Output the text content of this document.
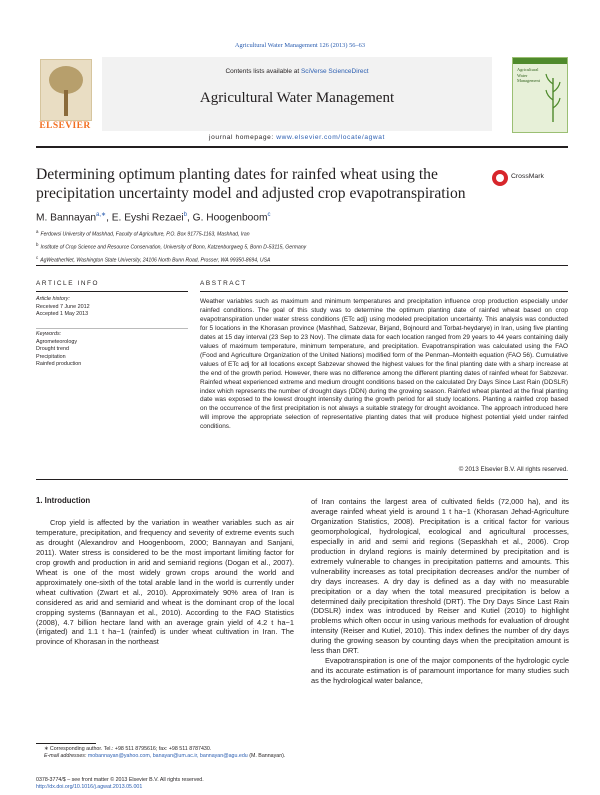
Agricultural Water Management 126 (2013) 56–63
ELSEVIER
Contents lists available at SciVerse ScienceDirect
Agricultural Water Management
journal homepage: www.elsevier.com/locate/agwat
Agricultural Water Management
Determining optimum planting dates for rainfed wheat using the precipitation uncertainty model and adjusted crop evapotranspiration
CrossMark
M. Bannayan$^{a,∗}$, E. Eyshi Rezaei$^b$, G. Hoogenboom$^c$
aFerdowsi University of Mashhad, Faculty of Agriculture, P.O. Box 91775-1163, Mashhad, Iran
bInstitute of Crop Science and Resource Conservation, University of Bonn, Katzenburgweg 5, Bonn D-53115, Germany
cAgWeatherNet, Washington State University, 24106 North Bunn Road, Prosser, WA 99350-8694, USA
ARTICLE INFO	ABSTRACT
Article history:
Received 7 June 2012
Accepted 1 May 2013
Keywords:
Agrometeorology
Drought trend
Precipitation
Rainfed production
Weather variables such as maximum and minimum temperatures and precipitation influence crop production especially under rainfed conditions. The goal of this study was to determine the optimum planting date of rainfed wheat based on crop evapotranspiration under water stress conditions (ETc adj) using modeled precipitation uncertainty. This analysis was conducted for 5 locations in the Khorasan province (Mashhad, Sabzevar, Birjand, Bojnourd and Torbat-heydarye) in Iran, using five planting dates at 15 day interval (23 Sep to 23 Nov). The climate data for each location ranged from 29 years to 44 years containing daily values of maximum temperature, minimum temperature, and precipitation. Evapotranspiration was calculated using the FAO (Food and Agriculture Organization of the United Nations) modified form of the Penman–Monteith equation (FAO 56). Cumulative values of ETc adj for all locations except Sabzevar showed the highest values for the final planting date with a sharp increase at the end of the growth period. However, there was no difference among the different planting dates of rainfed wheat for Sabzevar. Rainfed wheat experienced extreme and medium drought conditions based on the calculated Dry Days Since Last Rain (DDSLR) index which represents the number of drought days (DDN) during the growing season. Rainfed wheat planted at the final planting date was exposed to the lowest drought intensity during the growth period for all study locations. Planting a rainfed crop based on the occurrence of the first precipitation is not always a suitable strategy for drought avoidance. The approach introduced here will improve the appropriate selection of representative planting dates that will produce highest potential yield under rainfed conditions.
© 2013 Elsevier B.V. All rights reserved.
1. Introduction
Crop yield is affected by the variation in weather variables such as air temperature, precipitation, and frequency and severity of extreme events such as drought (Alexandrov and Hoogenboom, 2000; Bannayan and Sanjani, 2011). Water stress is considered to be the most important limiting factor for crop growth and production in arid and semiarid regions (Dogan et al., 2007). Wheat is one of the most widely grown crops around the world and approximately one-sixth of the total arable land in the world is currently under wheat cultivation (Zwart et al., 2010). Approximately 90% area of Iran is considered as arid and semiarid and wheat is the dominant crop of the local cropping systems (Bannayan et al., 2010). According to the FAO Statistics (2008), 4.7 billion hectare land with an average grain yield of 4.2 t ha−1 (irrigated) and 1.1 t ha−1 (rainfed) is under wheat cultivation in Iran. The province of Khorasan in the northeast

of Iran contains the largest area of cultivated fields (72,000 ha), and its average rainfed wheat yield is around 1 t ha−1 (Khorasan Jehad-Agriculture Organization Statistics, 2008). Precipitation is a critical factor for various geomorphological, hydrological, ecological and agricultural processes, especially in arid and semi arid regions (Sepaskhah et al., 2006). Crop production in dryland regions is mainly determined by precipitation and is extremely vulnerable to changes in precipitation patterns and amounts. This vulnerability increases as total precipitation decreases and/or the number of dry days increases. A dry day is defined as a day with no measurable precipitation or a day when the total measured precipitation is below a determined daily precipitation threshold (DRT). The Dry Days Since Last Rain (DDSLR) index was introduced by Reiser and Kutiel (2010) to highlight problems which often occur in using various methods for evaluation of drought intensity (Reiser and Kutiel, 2010). This index defines the number of dry days during the growing season by counting days when the precipitation amount is less than DRT.

Evapotranspiration is one of the major components of the hydrologic cycle and its accurate estimation is of paramount importance for many studies such as the hydrological water balance,

∗ Corresponding author. Tel.: +98 511 8795616; fax: +98 511 8787430.
E-mail addresses: mobannayan@yahoo.com, banayan@um.ac.ir, bannayan@agu.edu (M. Bannayan).
0378-3774/$ – see front matter © 2013 Elsevier B.V. All rights reserved.
http://dx.doi.org/10.1016/j.agwat.2013.05.001
